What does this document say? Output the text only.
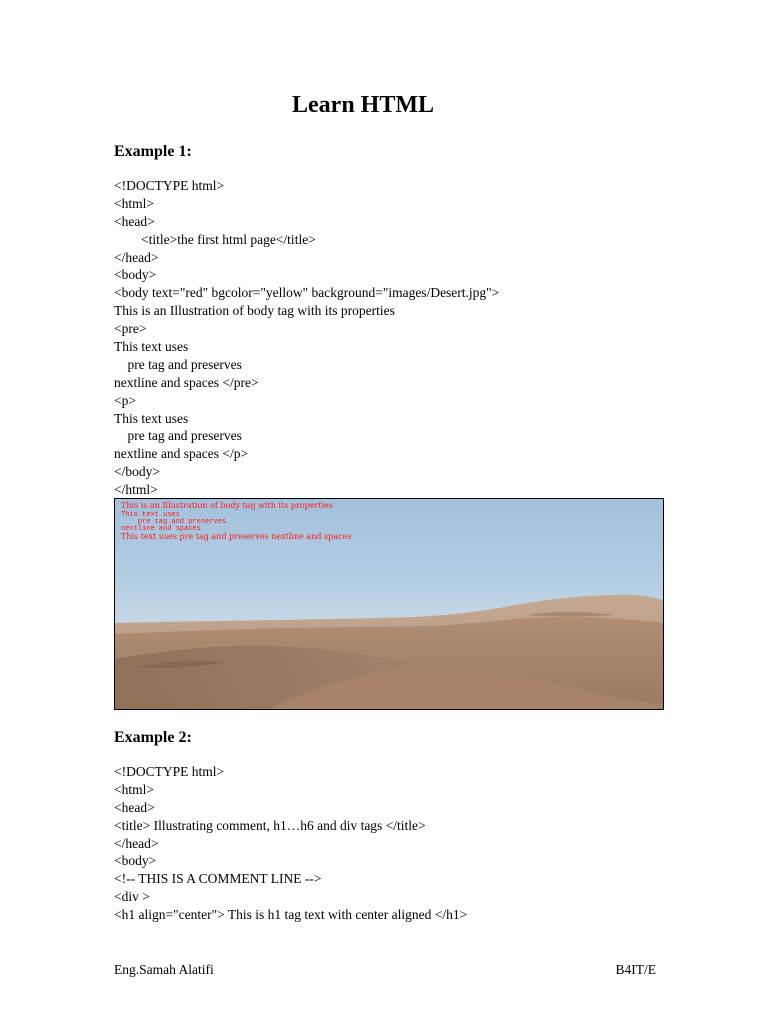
Learn HTML
Example 1:
<!DOCTYPE html>
<html>
<head>
<title>the first html page</title>
</head>
<body>
<body text="red" bgcolor="yellow" background="images/Desert.jpg">
This is an Illustration of body tag with its properties
<pre>
This text uses
pre tag and preserves
nextline and spaces </pre>
<p>
This text uses
pre tag and preserves
nextline and spaces </p>
</body>
</html>
This is an Illustration of body tag with its properties
This text uses
pre tag and preserves
nextline and spaces
This text uses pre tag and preserves nextline and spaces
Example 2:
<!DOCTYPE html>
<html>
<head>
<title> Illustrating comment, h1…h6 and div tags </title>
</head>
<body>
<!-- THIS IS A COMMENT LINE -->
<div >
<h1 align="center"> This is h1 tag text with center aligned </h1>
Eng.Samah Alatifi	B4IT/E
